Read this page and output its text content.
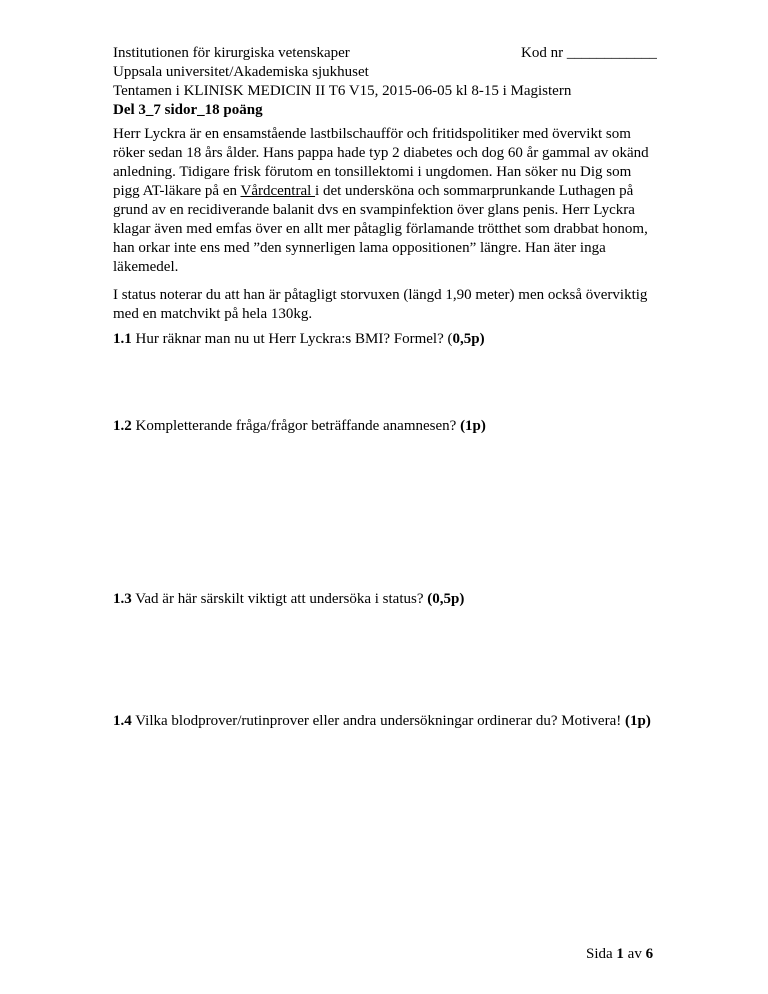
Institutionen för kirurgiska vetenskaper	Kod nr ____________
Uppsala universitet/Akademiska sjukhuset
Tentamen i KLINISK MEDICIN II T6 V15, 2015-06-05 kl 8-15 i Magistern
Del 3_7 sidor_18 poäng
Herr Lyckra är en ensamstående lastbilschaufför och fritidspolitiker med övervikt som
röker sedan 18 års ålder. Hans pappa hade typ 2 diabetes och dog 60 år gammal av okänd
anledning. Tidigare frisk förutom en tonsillektomi i ungdomen. Han söker nu Dig som
pigg AT-läkare på en Vårdcentral i det undersköna och sommarprunkande Luthagen på
grund av en recidiverande balanit dvs en svampinfektion över glans penis. Herr Lyckra
klagar även med emfas över en allt mer påtaglig förlamande trötthet som drabbat honom,
han orkar inte ens med ”den synnerligen lama oppositionen” längre. Han äter inga
läkemedel.
I status noterar du att han är påtagligt storvuxen (längd 1,90 meter) men också överviktig
med en matchvikt på hela 130kg.
1.1 Hur räknar man nu ut Herr Lyckra:s BMI? Formel? (0,5p)
1.2 Kompletterande fråga/frågor beträffande anamnesen? (1p)
1.3 Vad är här särskilt viktigt att undersöka i status? (0,5p)
1.4 Vilka blodprover/rutinprover eller andra undersökningar ordinerar du? Motivera! (1p)
Sida 1 av 6
